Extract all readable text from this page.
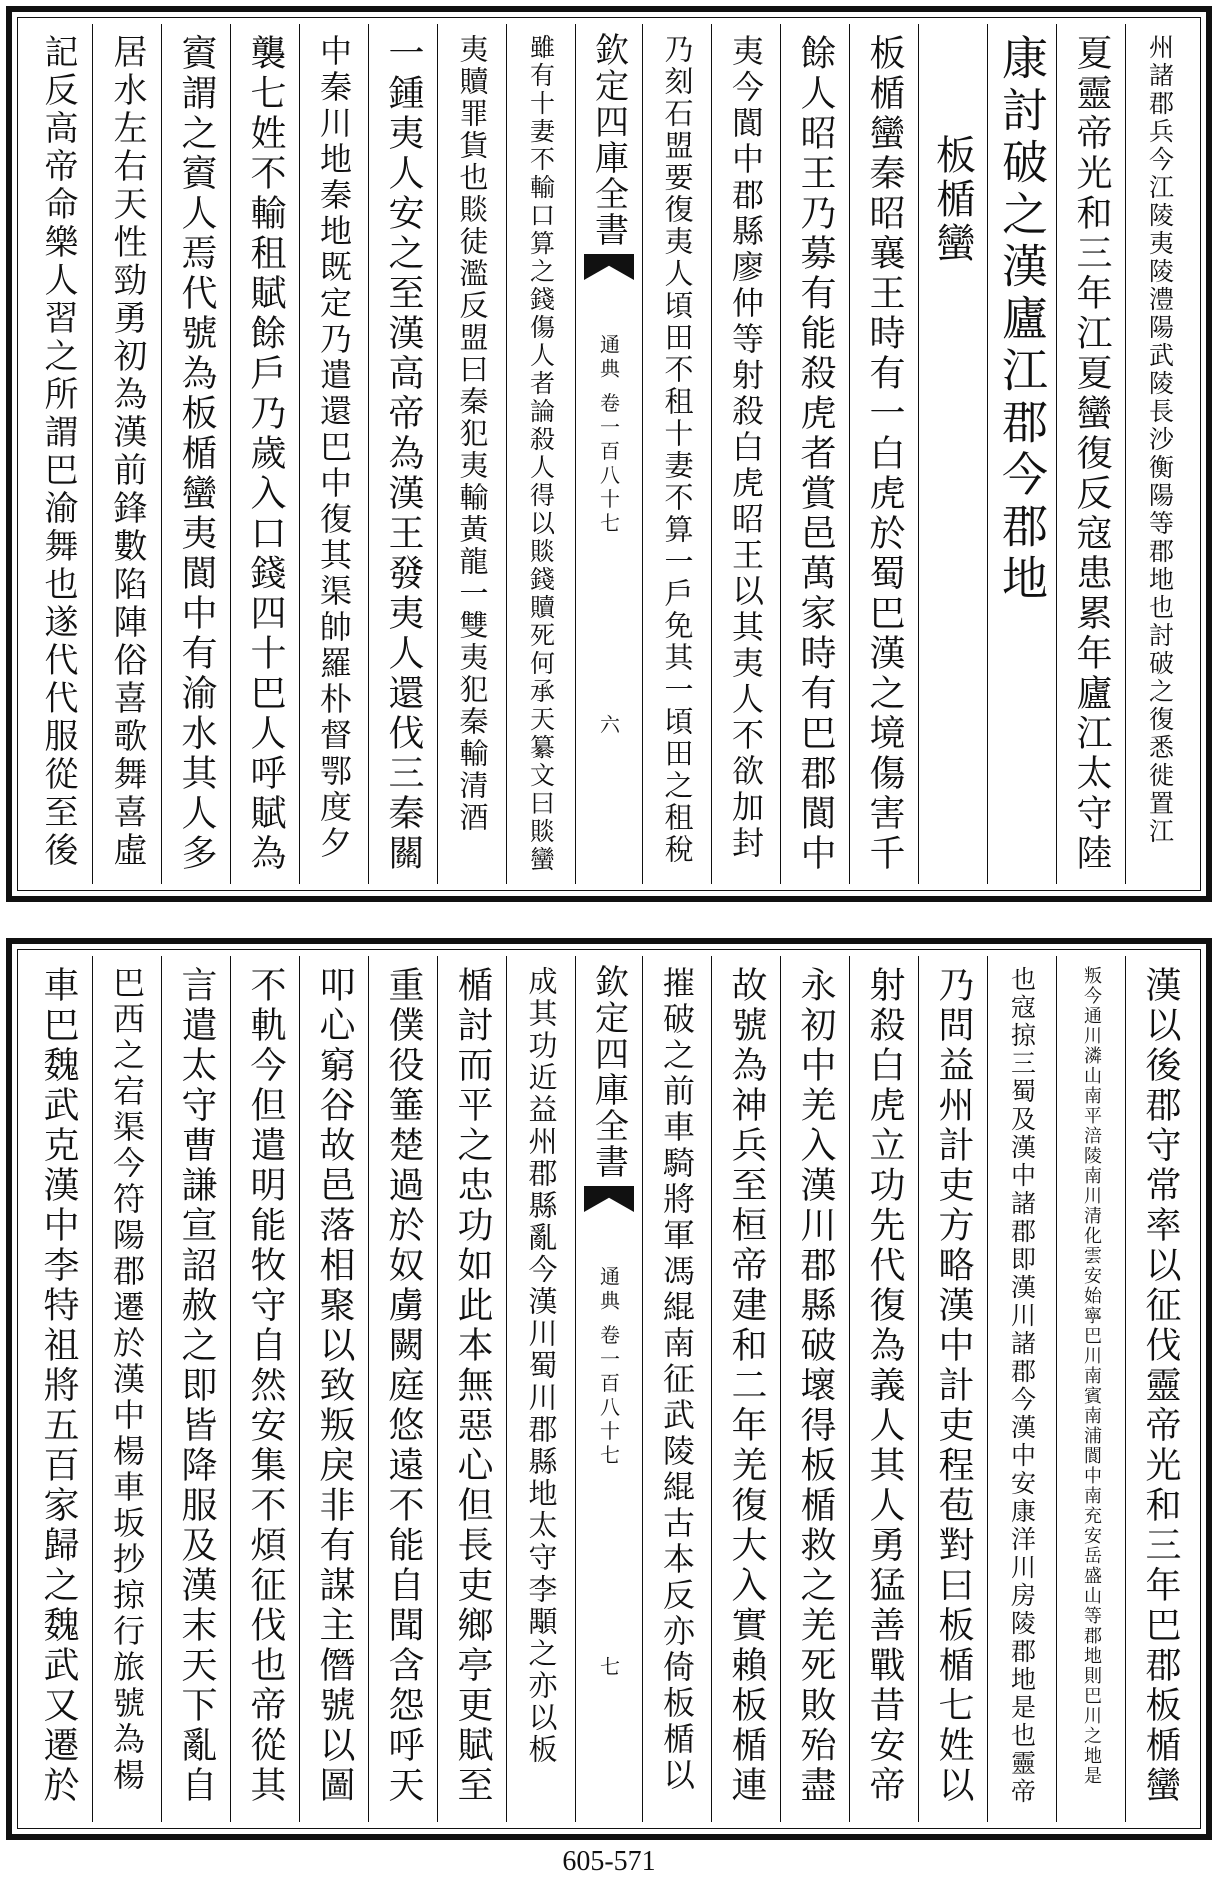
州諸郡兵今江陵夷陵澧陽武陵長沙衡陽等郡地也討破之復悉徙置江
夏靈帝光和三年江夏蠻復反寇患累年廬江太守陸
康討破之漢廬江郡今郡地
板楯蠻
板楯蠻秦昭襄王時有一白虎於蜀巴漢之境傷害千
餘人昭王乃募有能殺虎者賞邑萬家時有巴郡閬中
夷今閬中郡縣廖仲等射殺白虎昭王以其夷人不欲加封
乃刻石盟要復夷人頃田不租十妻不算一戶免其一頃田之租稅
欽定四庫全書
通典 卷一百八十七
六
雖有十妻不輸口算之錢傷人者論殺人得以賧錢贖死何承天纂文曰賧蠻
夷贖罪貨也賧徒濫反盟曰秦犯夷輸黃龍一雙夷犯秦輸清酒
一鍾夷人安之至漢高帝為漢王發夷人還伐三秦關
中秦川地秦地既定乃遣還巴中復其渠帥羅朴督鄂度夕
襲七姓不輸租賦餘戶乃歲入口錢四十巴人呼賦為
賨謂之賨人焉代號為板楯蠻夷閬中有渝水其人多
居水左右天性勁勇初為漢前鋒數陷陣俗喜歌舞喜虛
記反高帝命樂人習之所謂巴渝舞也遂代代服從至後
漢以後郡守常率以征伐靈帝光和三年巴郡板楯蠻
叛今通川潾山南平涪陵南川清化雲安始寧巴川南賓南浦閬中南充安岳盛山等郡地則巴川之地是
也寇掠三蜀及漢中諸郡即漢川諸郡今漢中安康洋川房陵郡地是也靈帝
乃問益州計吏方略漢中計吏程苞對曰板楯七姓以
射殺白虎立功先代復為義人其人勇猛善戰昔安帝
永初中羌入漢川郡縣破壞得板楯救之羌死敗殆盡
故號為神兵至桓帝建和二年羌復大入實賴板楯連
摧破之前車騎將軍馮緄南征武陵緄古本反亦倚板楯以
欽定四庫全書
通典 卷一百八十七
七
成其功近益州郡縣亂今漢川蜀川郡縣地太守李顒之亦以板
楯討而平之忠功如此本無惡心但長吏鄉亭更賦至
重僕役箠楚過於奴虜闕庭悠遠不能自聞含怨呼天
叩心窮谷故邑落相聚以致叛戾非有謀主僭號以圖
不軌今但遣明能牧守自然安集不煩征伐也帝從其
言遣太守曹謙宣詔赦之即皆降服及漢末天下亂自
巴西之宕渠今符陽郡遷於漢中楊車坂抄掠行旅號為楊
車巴魏武克漢中李特祖將五百家歸之魏武又遷於
605-571
